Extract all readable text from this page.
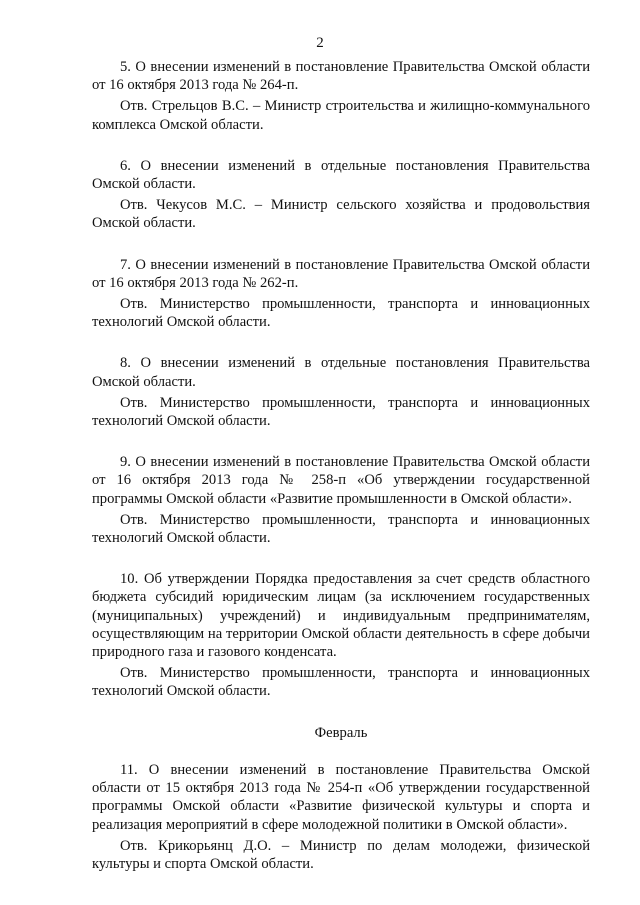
2

5. О внесении изменений в постановление Правительства Омской области от 16 октября 2013 года № 264-п.

Отв. Стрельцов В.С. – Министр строительства и жилищно-коммунального комплекса Омской области.

6. О внесении изменений в отдельные постановления Правительства Омской области.

Отв. Чекусов М.С. – Министр сельского хозяйства и продовольствия Омской области.

7. О внесении изменений в постановление Правительства Омской области от 16 октября 2013 года № 262-п.

Отв. Министерство промышленности, транспорта и инновационных технологий Омской области.

8. О внесении изменений в отдельные постановления Правительства Омской области.

Отв. Министерство промышленности, транспорта и инновационных технологий Омской области.

9. О внесении изменений в постановление Правительства Омской области от 16 октября 2013 года № 258-п «Об утверждении государственной программы Омской области «Развитие промышленности в Омской области».

Отв. Министерство промышленности, транспорта и инновационных технологий Омской области.

10. Об утверждении Порядка предоставления за счет средств областного бюджета субсидий юридическим лицам (за исключением государственных (муниципальных) учреждений) и индивидуальным предпринимателям, осуществляющим на территории Омской области деятельность в сфере добычи природного газа и газового конденсата.

Отв. Министерство промышленности, транспорта и инновационных технологий Омской области.

Февраль

11. О внесении изменений в постановление Правительства Омской области от 15 октября 2013 года № 254-п «Об утверждении государственной программы Омской области «Развитие физической культуры и спорта и реализация мероприятий в сфере молодежной политики в Омской области».

Отв. Крикорьянц Д.О. – Министр по делам молодежи, физической культуры и спорта Омской области.
